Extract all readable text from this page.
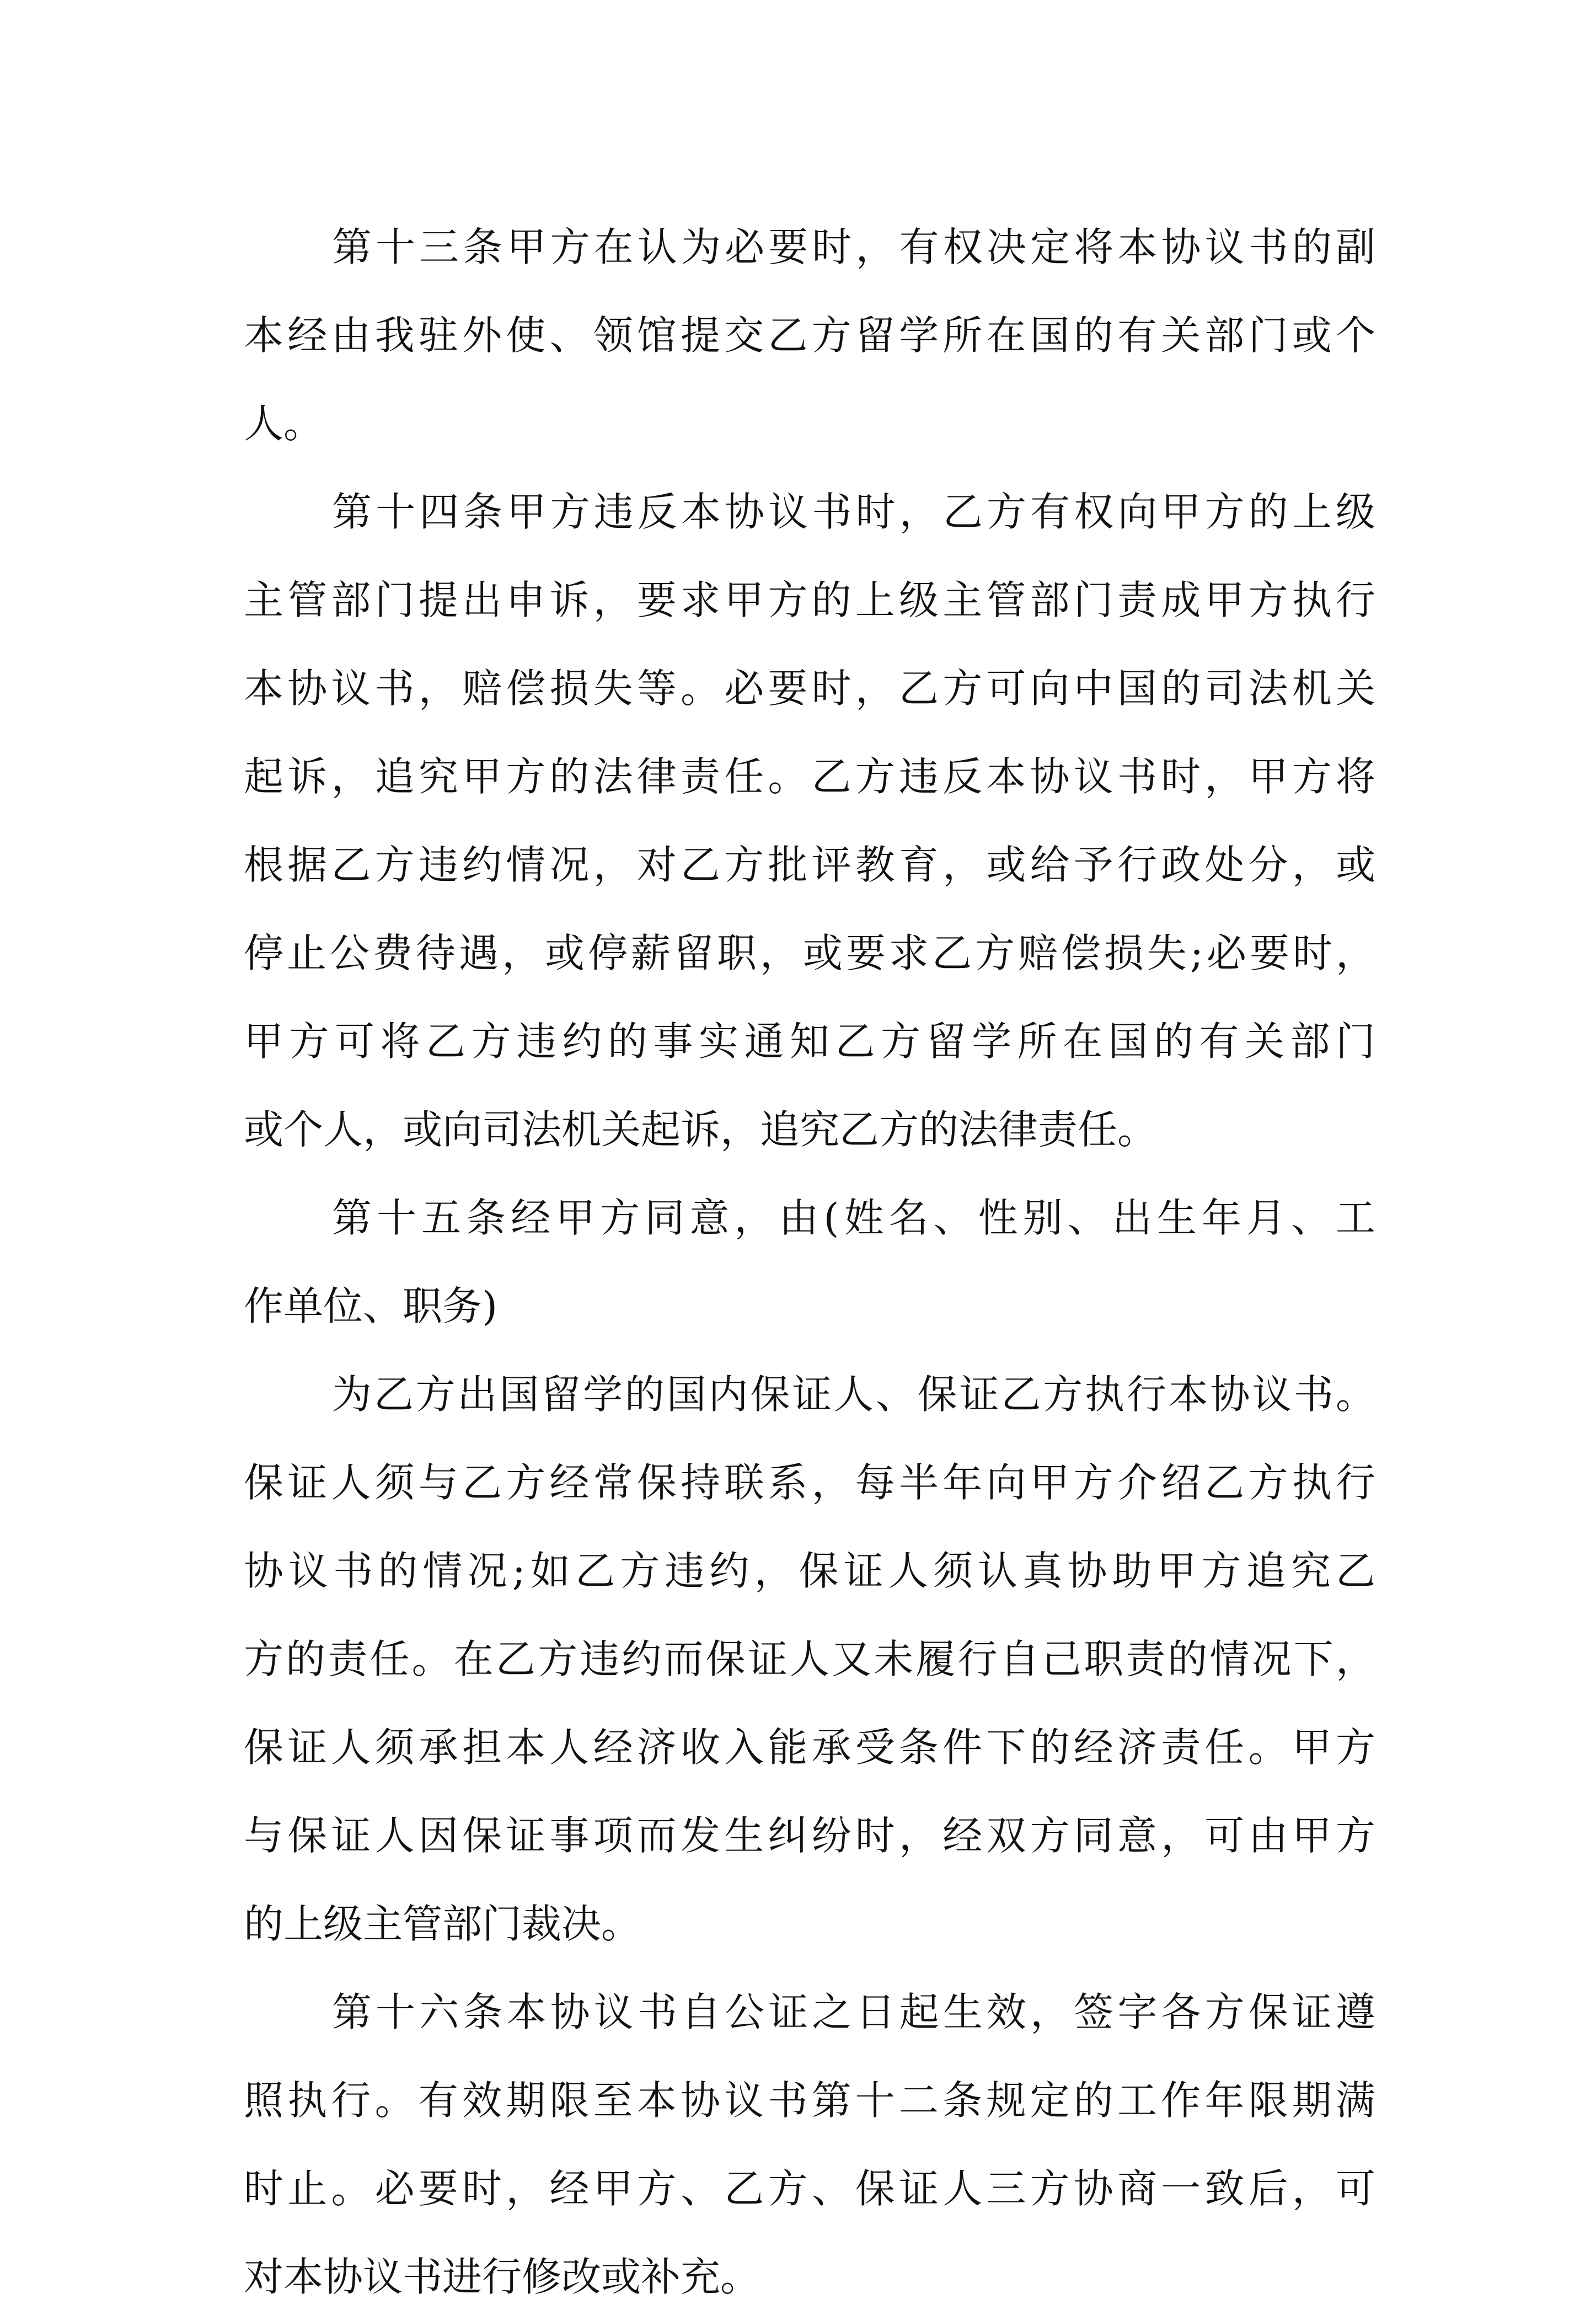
第十三条甲方在认为必要时，有权决定将本协议书的副
本经由我驻外使、领馆提交乙方留学所在国的有关部门或个
人。
第十四条甲方违反本协议书时，乙方有权向甲方的上级
主管部门提出申诉，要求甲方的上级主管部门责成甲方执行
本协议书，赔偿损失等。必要时，乙方可向中国的司法机关
起诉，追究甲方的法律责任。乙方违反本协议书时，甲方将
根据乙方违约情况，对乙方批评教育，或给予行政处分，或
停止公费待遇，或停薪留职，或要求乙方赔偿损失;必要时，
甲方可将乙方违约的事实通知乙方留学所在国的有关部门
或个人，或向司法机关起诉，追究乙方的法律责任。
第十五条经甲方同意，由(姓名、性别、出生年月、工
作单位、职务)
为乙方出国留学的国内保证人、保证乙方执行本协议书。
保证人须与乙方经常保持联系，每半年向甲方介绍乙方执行
协议书的情况;如乙方违约，保证人须认真协助甲方追究乙
方的责任。在乙方违约而保证人又未履行自己职责的情况下，
保证人须承担本人经济收入能承受条件下的经济责任。甲方
与保证人因保证事项而发生纠纷时，经双方同意，可由甲方
的上级主管部门裁决。
第十六条本协议书自公证之日起生效，签字各方保证遵
照执行。有效期限至本协议书第十二条规定的工作年限期满
时止。必要时，经甲方、乙方、保证人三方协商一致后，可
对本协议书进行修改或补充。
